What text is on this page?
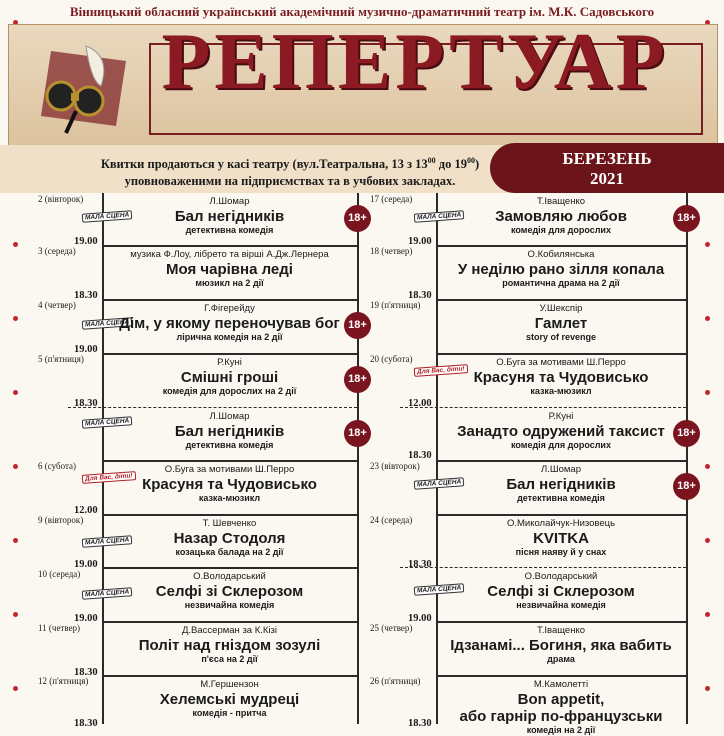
Вінницький обласний український академічний музично-драматичний театр ім. М.К. Садовського
РЕПЕРТУАР
Квитки продаються у касі театру (вул.Театральна, 13 з $13^{00}$ до $19^{00}$)
уповноваженими на підприємствах та в учбових закладах.
БЕРЕЗЕНЬ
2021
2 (вівторок)
3 (середа)
4 (четвер)
5 (п'ятниця)
6 (субота)
9 (вівторок)
10 (середа)
11 (четвер)
12 (п'ятниця)
19.00
18.30
19.00
18.30
12.00
19.00
19.00
18.30
18.30
МАЛА СЦЕНА
МАЛА СЦЕНА
МАЛА СЦЕНА
Для Вас, діти!
МАЛА СЦЕНА
МАЛА СЦЕНА
Л.Шомар
Бал негідників
детективна комедія
18+
музика Ф.Лоу, лібрето та вірші А.Дж.Лернера
Моя чарівна леді
мюзикл на 2 дії
Г.Фігерейду
Дім, у якому переночував бог
лірична комедія на 2 дії
18+
Р.Куні
Смішні гроші
комедія для дорослих на 2 дії
18+
Л.Шомар
Бал негідників
детективна комедія
18+
О.Буга за мотивами Ш.Перро
Красуня та Чудовисько
казка-мюзикл
Т. Шевченко
Назар Стодоля
козацька балада на 2 дії
О.Володарський
Селфі зі Склерозом
незвичайна комедія
Д.Вассерман за К.Кізі
Політ над гніздом зозулі
п'єса на 2 дії
М.Гершензон
Хелемські мудреці
комедія - притча
17 (середа)
18 (четвер)
19 (п'ятниця)
20 (субота)
23 (вівторок)
24 (середа)
25 (четвер)
26 (п'ятниця)
19.00
18.30
12.00
18.30
18.30
19.00
18.30
МАЛА СЦЕНА
Для Вас, діти!
МАЛА СЦЕНА
МАЛА СЦЕНА
Т.Іващенко
Замовляю любов
комедія для дорослих
18+
О.Кобилянська
У неділю рано зілля копала
романтична драма на 2 дії
У.Шекспір
Гамлет
story of revenge
О.Буга за мотивами Ш.Перро
Красуня та Чудовисько
казка-мюзикл
Р.Куні
Занадто одружений таксист
комедія для дорослих
18+
Л.Шомар
Бал негідників
детективна комедія
18+
О.Миколайчук-Низовець
KVITKA
пісня наяву й у снах
О.Володарський
Селфі зі Склерозом
незвичайна комедія
Т.Іващенко
Ідзанамі... Богиня, яка вабить
драма
М.Камолетті
Bon appetit,
або гарнір по-французськи
комедія на 2 дії
